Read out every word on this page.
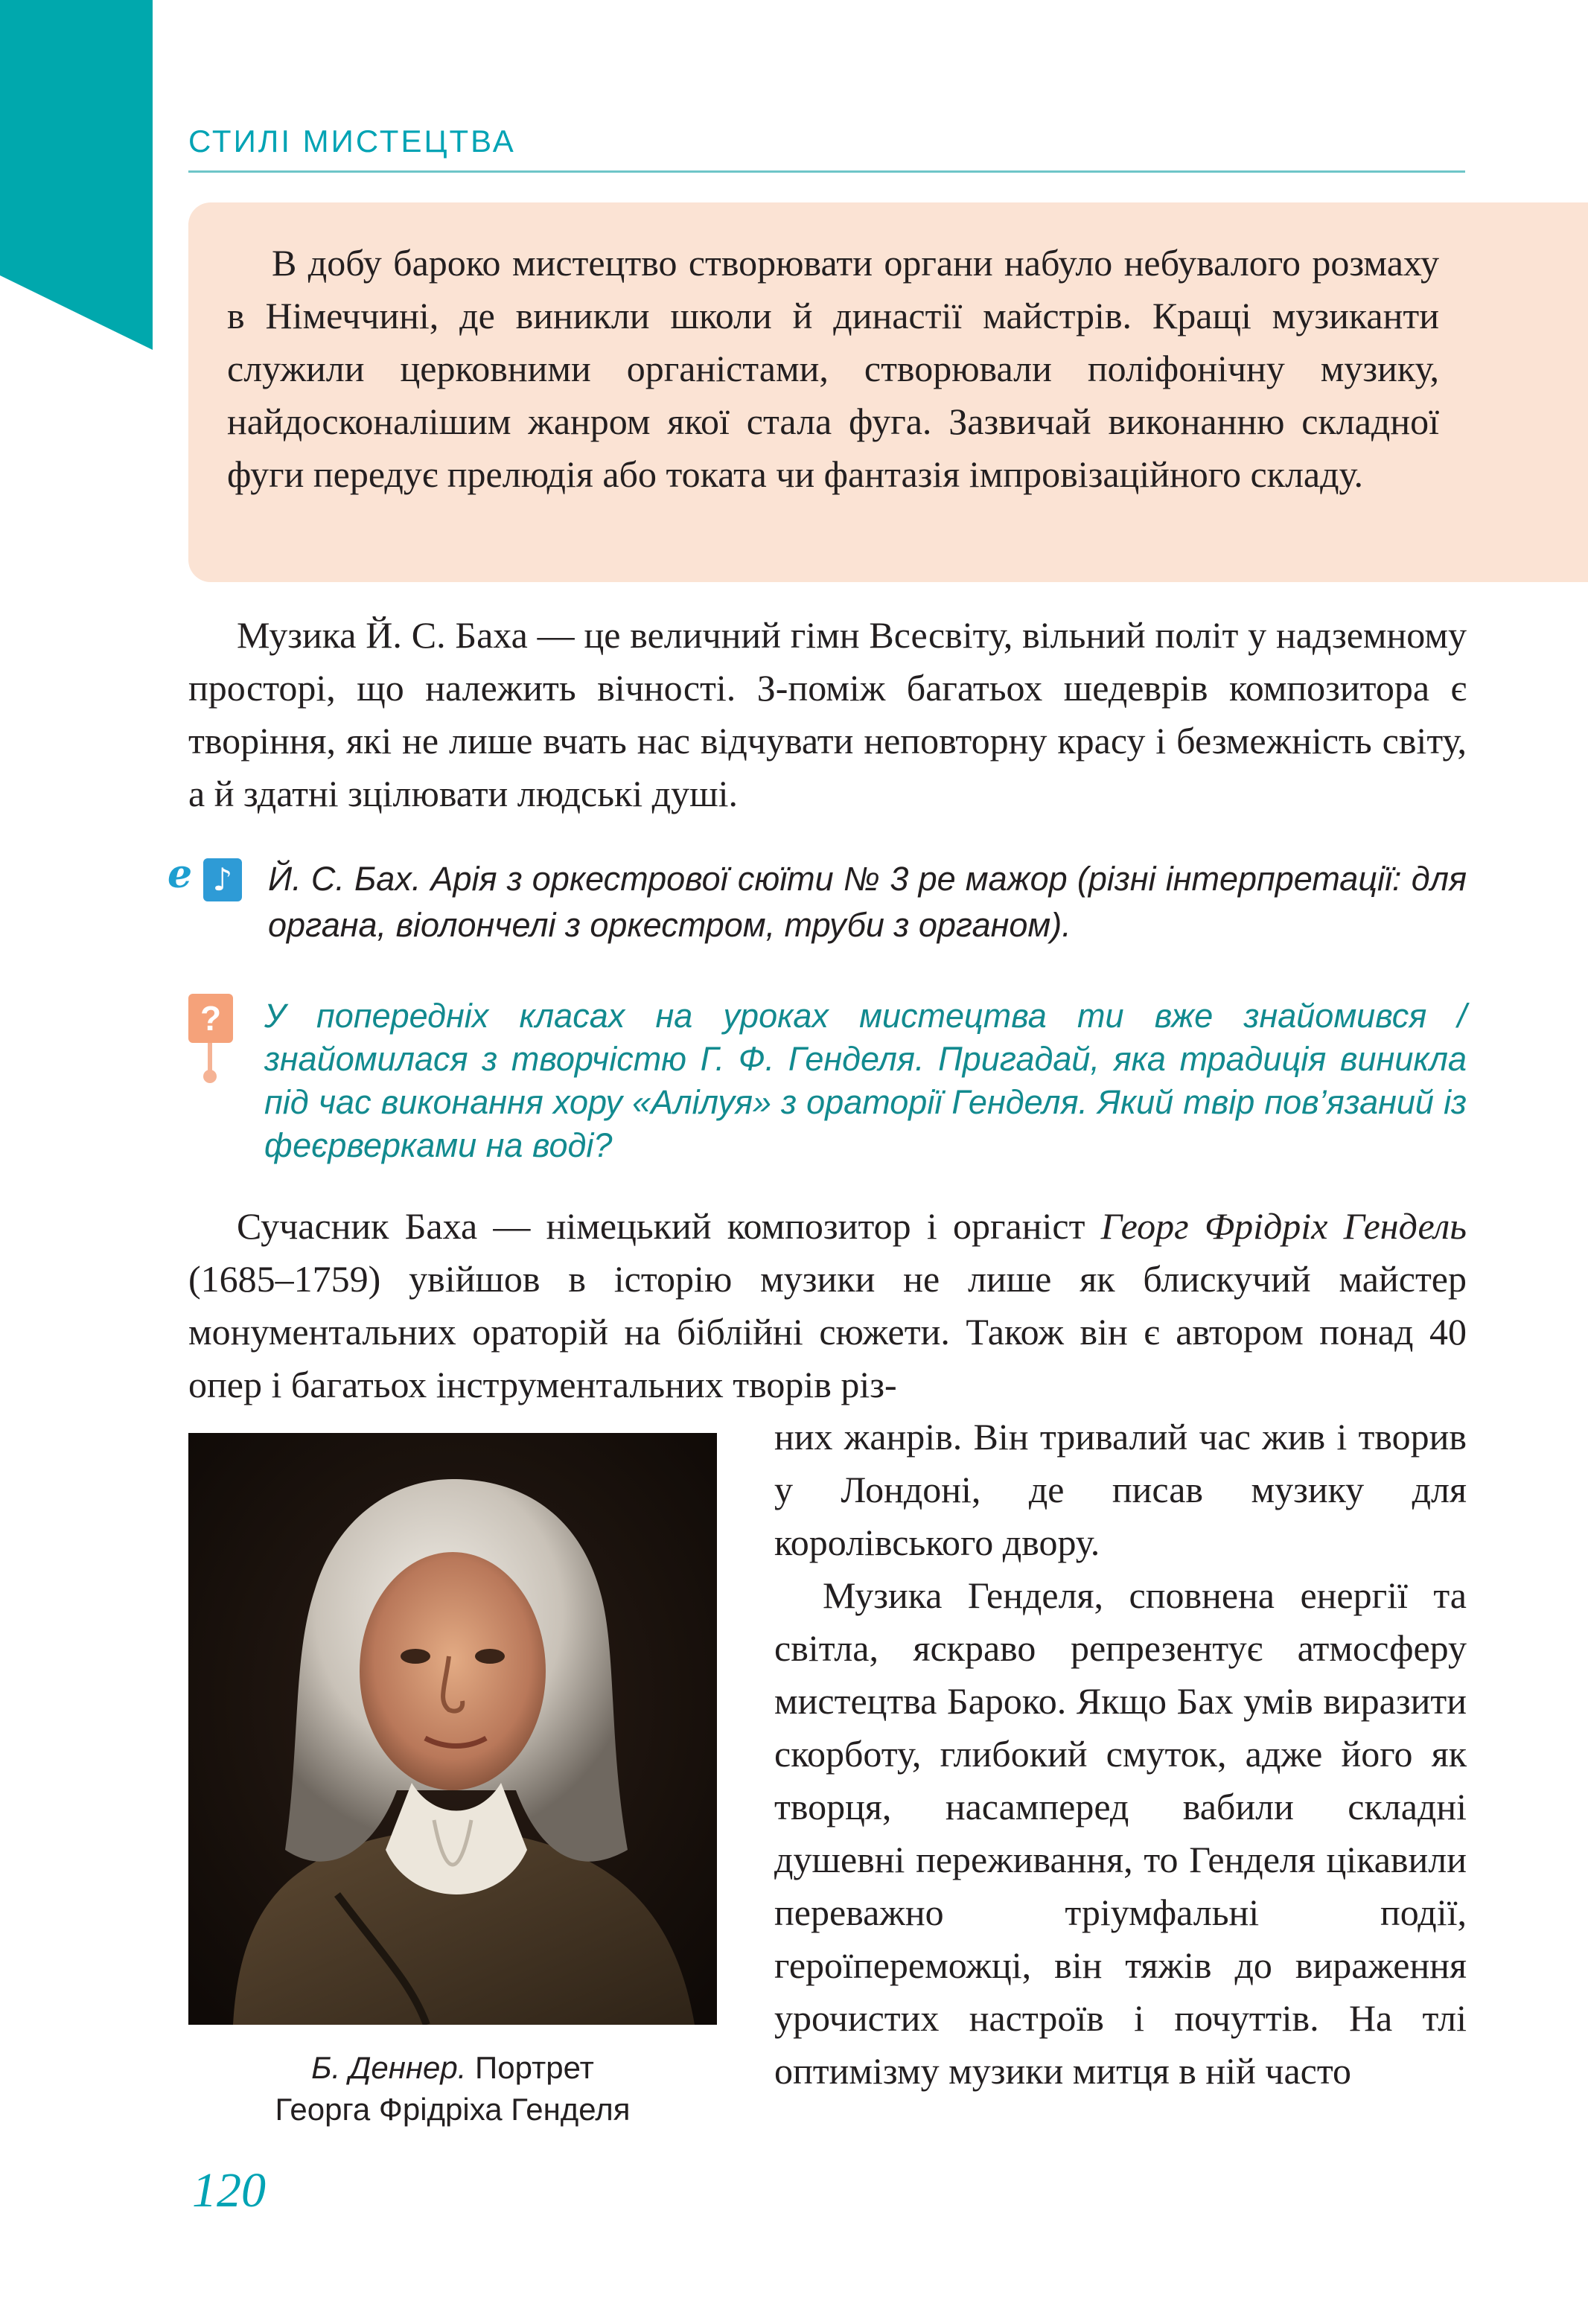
СТИЛІ МИСТЕЦТВА

В добу бароко мистецтво створювати органи набуло небувалого розмаху в Німеччині, де виникли школи й династії майстрів. Кращі музиканти служили церковними органістами, створювали поліфонічну музику, найдосконалішим жанром якої стала фуга. Зазвичай виконанню складної фуги передує прелюдія або токата чи фантазія імпровізаційного складу.

Музика Й. С. Баха — це величний гімн Всесвіту, вільний політ у надземному просторі, що належить вічності. З-поміж багатьох шедеврів композитора є творіння, які не лише вчать нас відчувати неповторну красу і безмежність світу, а й здатні зцілювати людські душі.

e ♪ Й. С. Бах. Арія з оркестрової сюїти № 3 ре мажор (різні інтерпретації: для органа, віолончелі з оркестром, труби з органом).

?	У попередніх класах на уроках мистецтва ти вже знайомився / знайомилася з творчістю Г. Ф. Генделя. Пригадай, яка традиція виникла під час виконання хору «Алілуя» з ораторії Генделя. Який твір пов’язаний із феєрверками на воді?

Сучасник Баха — німецький композитор і органіст Георг Фрідріх Гендель (1685–1759) увійшов в історію музики не лише як блискучий майстер монументальних ораторій на біблійні сюжети. Також він є автором понад 40 опер і багатьох інструментальних творів різ-

них жанрів. Він тривалий час жив і творив у Лондоні, де писав музику для королівського двору.

Музика Генделя, сповнена енергії та світла, яскраво репрезентує атмосферу мистецтва Бароко. Якщо Бах умів виразити скорботу, глибокий смуток, адже його як творця, насамперед вабили складні душевні переживання, то Генделя цікавили переважно тріумфальні події, героїпереможці, він тяжів до вираження урочистих настроїв і почуттів. На тлі оптимізму музики митця в ній часто

Б. Деннер. Портрет
Георга Фрідріха Генделя

120
